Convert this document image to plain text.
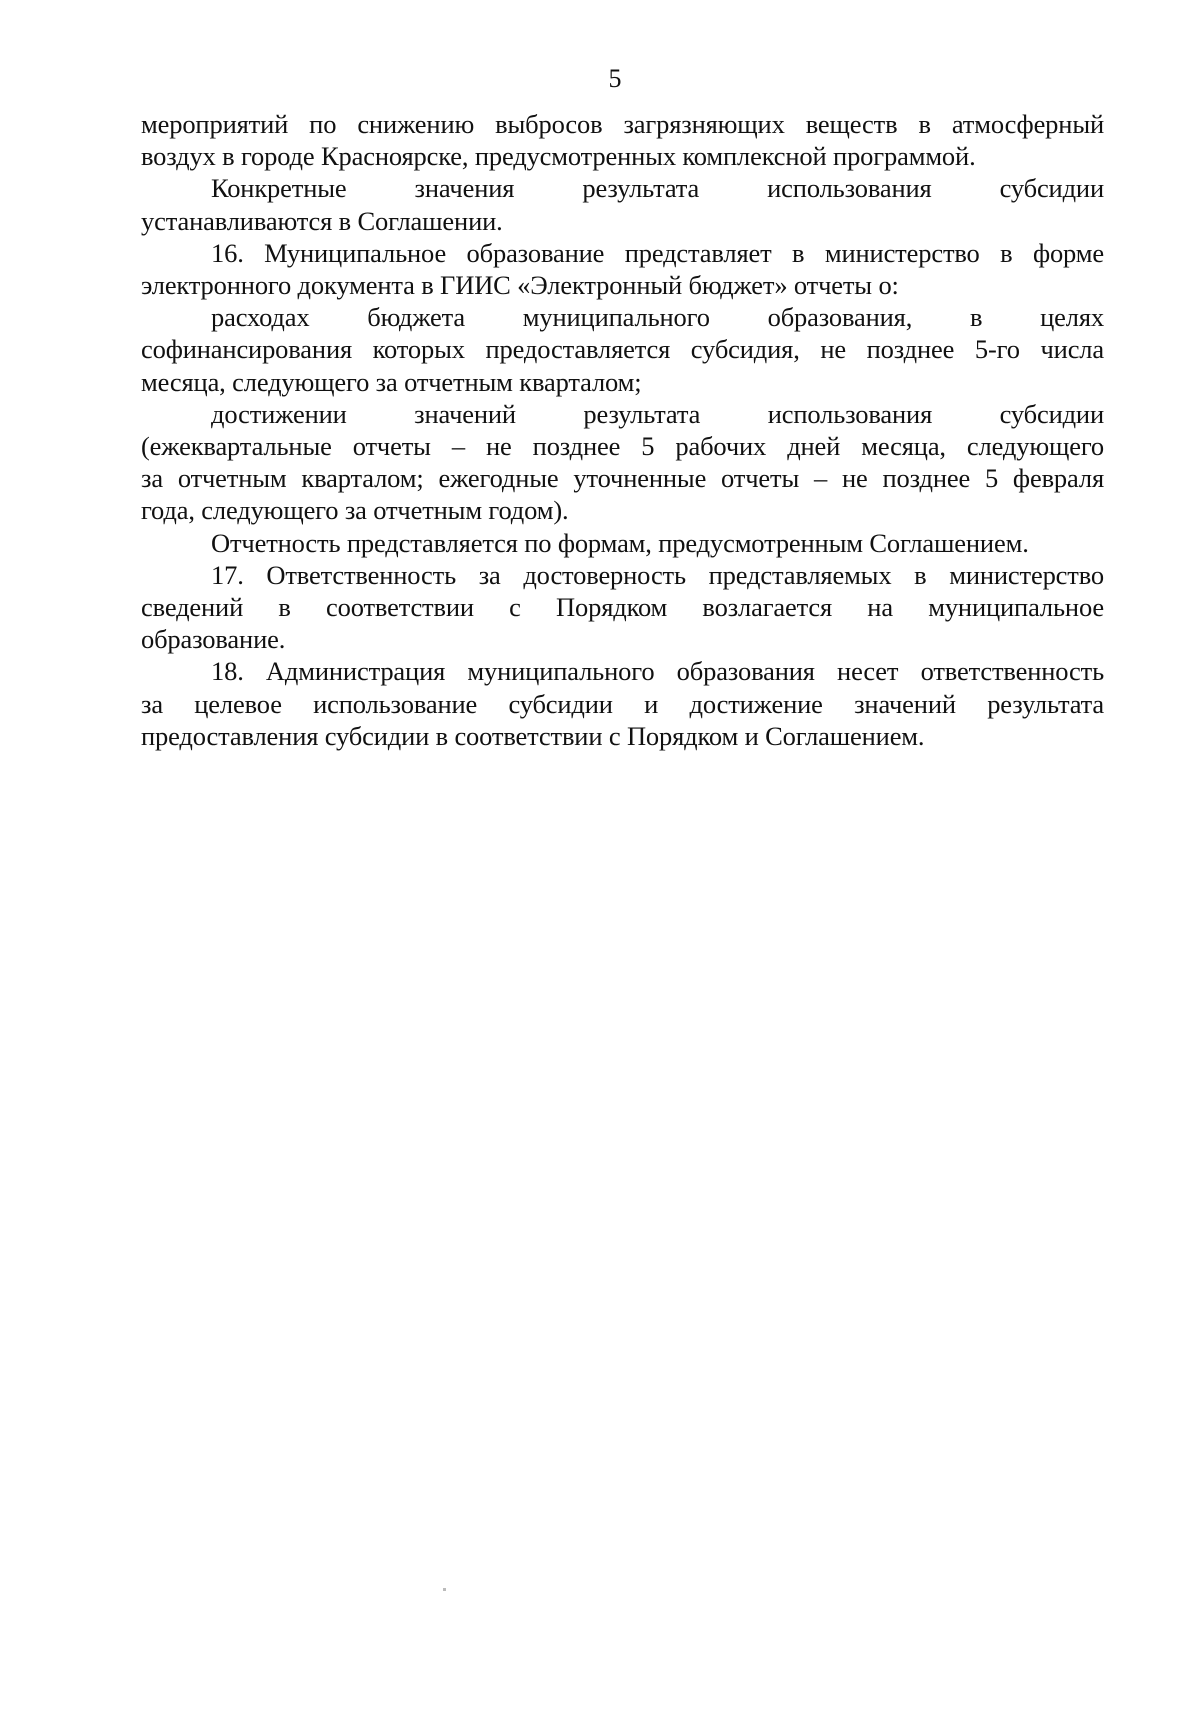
5

мероприятий по снижению выбросов загрязняющих веществ в атмосферный
воздух в городе Красноярске, предусмотренных комплексной программой.

Конкретные значения результата использования субсидии
устанавливаются в Соглашении.

16. Муниципальное образование представляет в министерство в форме
электронного документа в ГИИС «Электронный бюджет» отчеты о:

расходах бюджета муниципального образования, в целях
софинансирования которых предоставляется субсидия, не позднее 5-го числа
месяца, следующего за отчетным кварталом;

достижении значений результата использования субсидии
(ежеквартальные отчеты – не позднее 5 рабочих дней месяца, следующего
за отчетным кварталом; ежегодные уточненные отчеты – не позднее 5 февраля
года, следующего за отчетным годом).

Отчетность представляется по формам, предусмотренным Соглашением.

17. Ответственность за достоверность представляемых в министерство
сведений в соответствии с Порядком возлагается на муниципальное
образование.

18. Администрация муниципального образования несет ответственность
за целевое использование субсидии и достижение значений результата
предоставления субсидии в соответствии с Порядком и Соглашением.
